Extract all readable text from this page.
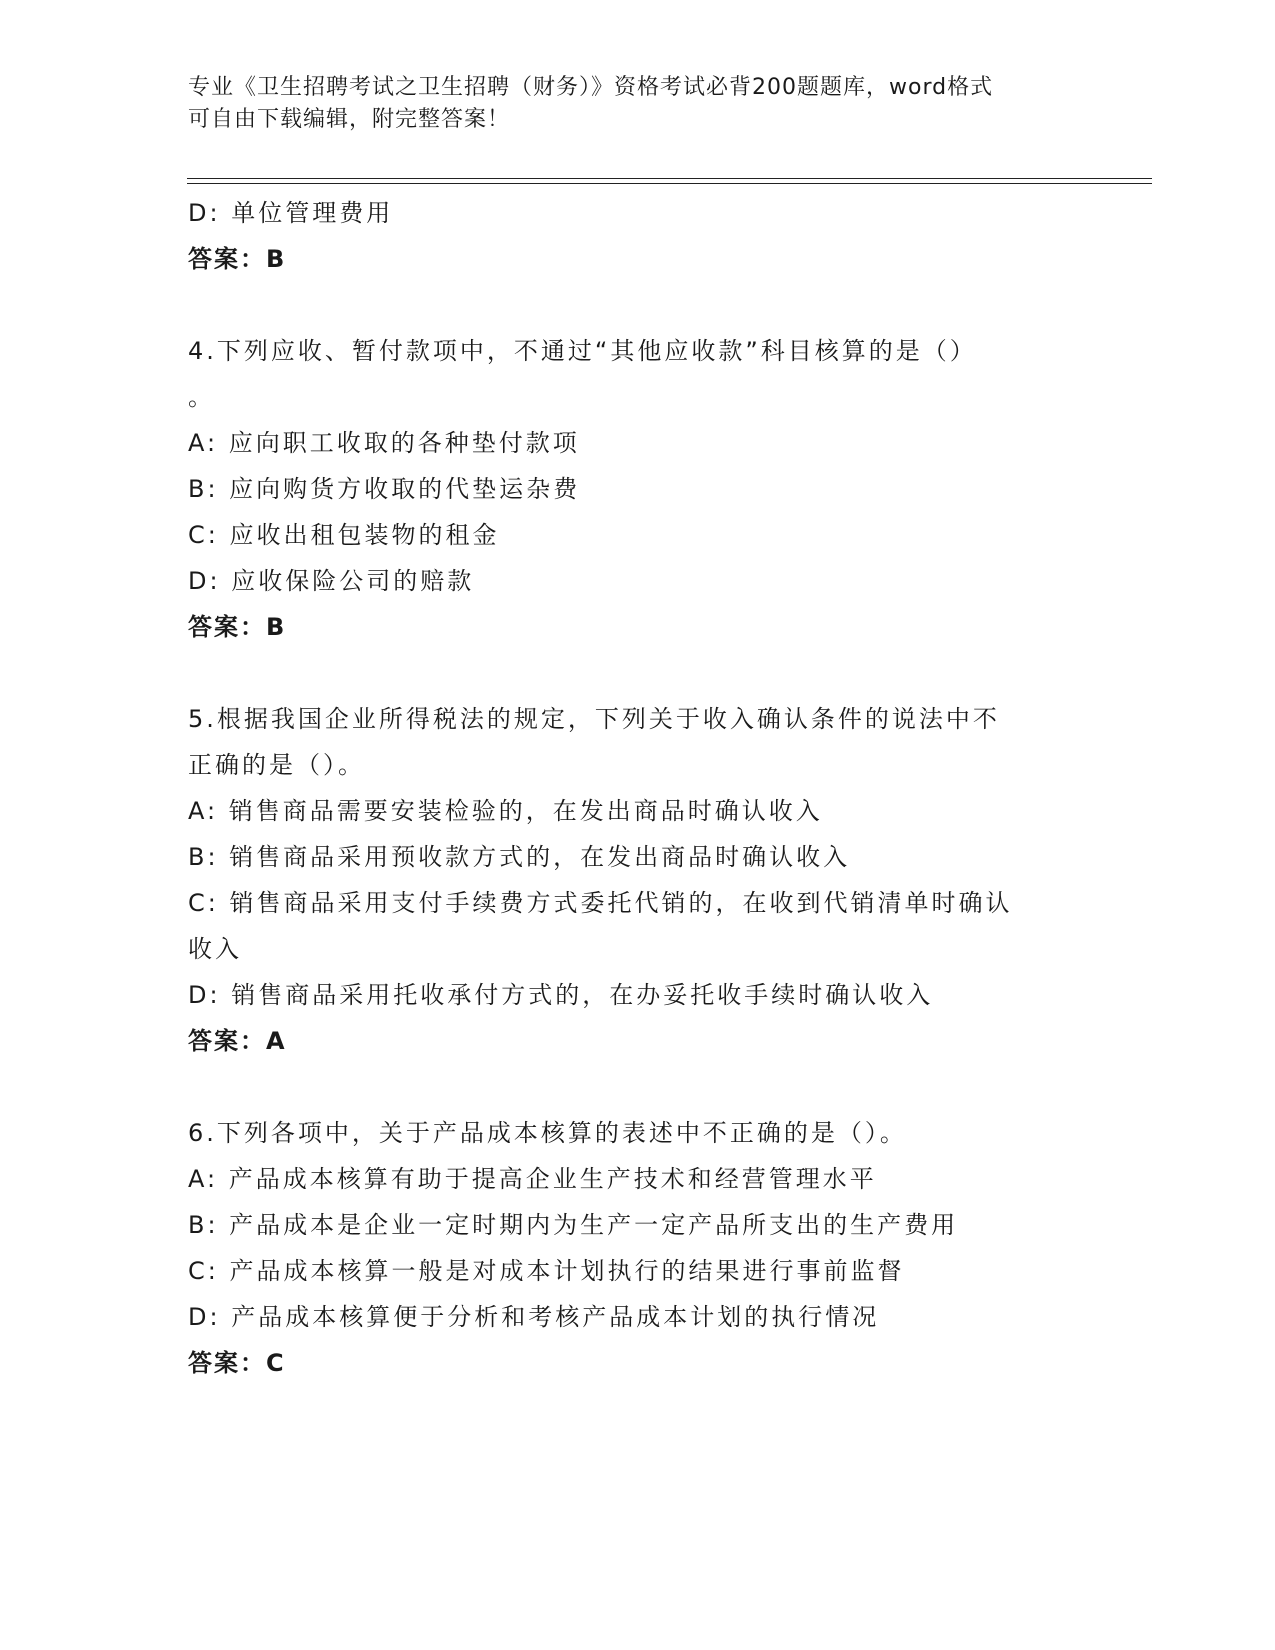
专业《卫生招聘考试之卫生招聘（财务）》资格考试必背200题题库，word格式
可自由下载编辑，附完整答案！
D: 单位管理费用
答案：B
4.下列应收、暂付款项中，不通过“其他应收款”科目核算的是（）
。
A: 应向职工收取的各种垫付款项
B: 应向购货方收取的代垫运杂费
C: 应收出租包装物的租金
D: 应收保险公司的赔款
答案：B
5.根据我国企业所得税法的规定，下列关于收入确认条件的说法中不
正确的是（）。
A: 销售商品需要安装检验的，在发出商品时确认收入
B: 销售商品采用预收款方式的，在发出商品时确认收入
C: 销售商品采用支付手续费方式委托代销的，在收到代销清单时确认
收入
D: 销售商品采用托收承付方式的，在办妥托收手续时确认收入
答案：A
6.下列各项中，关于产品成本核算的表述中不正确的是（）。
A: 产品成本核算有助于提高企业生产技术和经营管理水平
B: 产品成本是企业一定时期内为生产一定产品所支出的生产费用
C: 产品成本核算一般是对成本计划执行的结果进行事前监督
D: 产品成本核算便于分析和考核产品成本计划的执行情况
答案：C
